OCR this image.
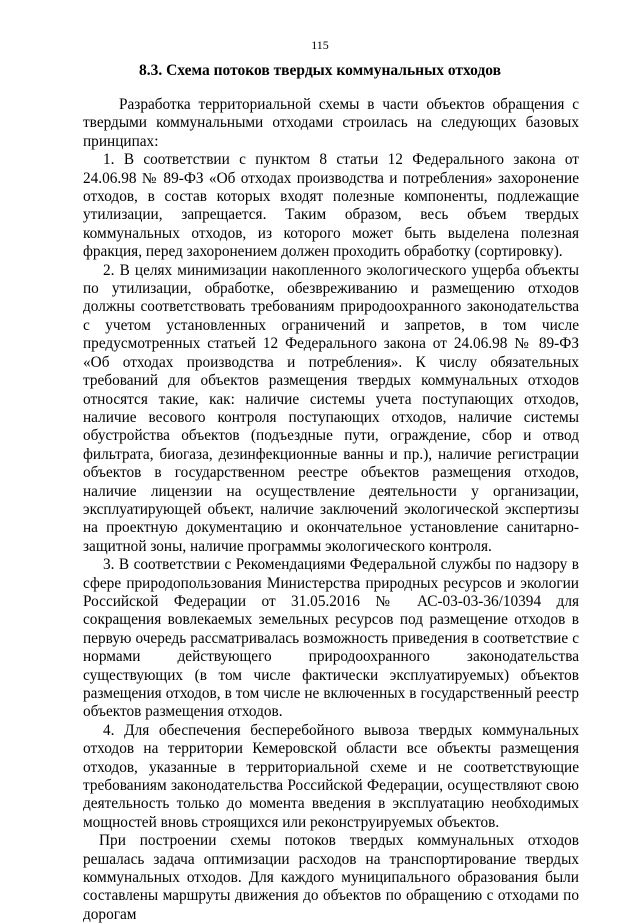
115
8.3. Схема потоков твердых коммунальных отходов

Разработка территориальной схемы в части объектов обращения с твердыми коммунальными отходами строилась на следующих базовых принципах:

1. В соответствии с пунктом 8 статьи 12 Федерального закона от 24.06.98 № 89-ФЗ «Об отходах производства и потребления» захоронение отходов, в состав которых входят полезные компоненты, подлежащие утилизации, запрещается. Таким образом, весь объем твердых коммунальных отходов, из которого может быть выделена полезная фракция, перед захоронением должен проходить обработку (сортировку).

2. В целях минимизации накопленного экологического ущерба объекты по утилизации, обработке, обезвреживанию и размещению отходов должны соответствовать требованиям природоохранного законодательства с учетом установленных ограничений и запретов, в том числе предусмотренных статьей 12 Федерального закона от 24.06.98 № 89-ФЗ «Об отходах производства и потребления». К числу обязательных требований для объектов размещения твердых коммунальных отходов относятся такие, как: наличие системы учета поступающих отходов, наличие весового контроля поступающих отходов, наличие системы обустройства объектов (подъездные пути, ограждение, сбор и отвод фильтрата, биогаза, дезинфекционные ванны и пр.), наличие регистрации объектов в государственном реестре объектов размещения отходов, наличие лицензии на осуществление деятельности у организации, эксплуатирующей объект, наличие заключений экологической экспертизы на проектную документацию и окончательное установление санитарно-защитной зоны, наличие программы экологического контроля.

3. В соответствии с Рекомендациями Федеральной службы по надзору в сфере природопользования Министерства природных ресурсов и экологии Российской Федерации от 31.05.2016 № АС-03-03-36/10394 для сокращения вовлекаемых земельных ресурсов под размещение отходов в первую очередь рассматривалась возможность приведения в соответствие с нормами действующего природоохранного законодательства существующих (в том числе фактически эксплуатируемых) объектов размещения отходов, в том числе не включенных в государственный реестр объектов размещения отходов.

4. Для обеспечения бесперебойного вывоза твердых коммунальных отходов на территории Кемеровской области все объекты размещения отходов, указанные в территориальной схеме и не соответствующие требованиям законодательства Российской Федерации, осуществляют свою деятельность только до момента введения в эксплуатацию необходимых мощностей вновь строящихся или реконструируемых объектов.

При построении схемы потоков твердых коммунальных отходов решалась задача оптимизации расходов на транспортирование твердых коммунальных отходов. Для каждого муниципального образования были составлены маршруты движения до объектов по обращению с отходами по дорогам
